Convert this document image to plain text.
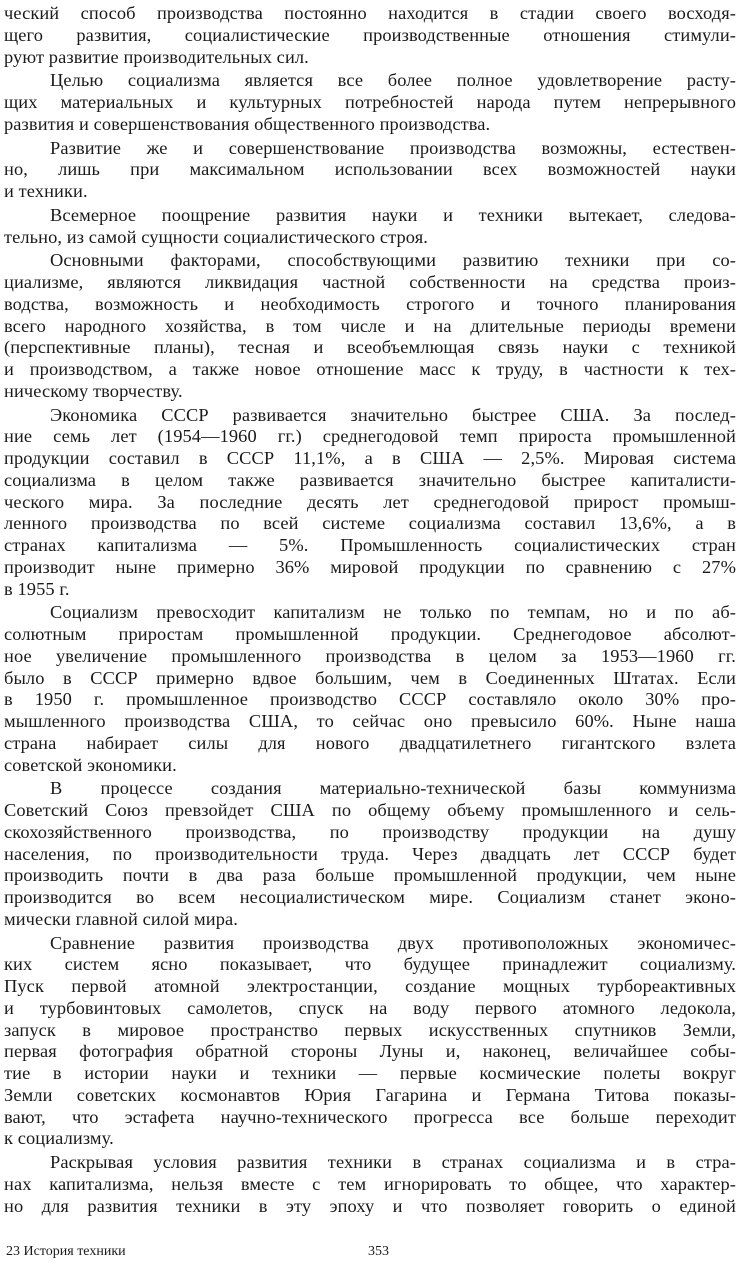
ческий способ производства постоянно находится в стадии своего восходя-
щего развития, социалистические производственные отношения стимули-
руют развитие производительных сил.
Целью социализма является все более полное удовлетворение расту-
щих материальных и культурных потребностей народа путем непрерывного
развития и совершенствования общественного производства.
Развитие же и совершенствование производства возможны, естествен-
но, лишь при максимальном использовании всех возможностей науки
и техники.
Всемерное поощрение развития науки и техники вытекает, следова-
тельно, из самой сущности социалистического строя.
Основными факторами, способствующими развитию техники при со-
циализме, являются ликвидация частной собственности на средства произ-
водства, возможность и необходимость строгого и точного планирования
всего народного хозяйства, в том числе и на длительные периоды времени
(перспективные планы), тесная и всеобъемлющая связь науки с техникой
и производством, а также новое отношение масс к труду, в частности к тех-
ническому творчеству.
Экономика СССР развивается значительно быстрее США. За послед-
ние семь лет (1954—1960 гг.) среднегодовой темп прироста промышленной
продукции составил в СССР 11,1%, а в США — 2,5%. Мировая система
социализма в целом также развивается значительно быстрее капиталисти-
ческого мира. За последние десять лет среднегодовой прирост промыш-
ленного производства по всей системе социализма составил 13,6%, а в
странах капитализма — 5%. Промышленность социалистических стран
производит ныне примерно 36% мировой продукции по сравнению с 27%
в 1955 г.
Социализм превосходит капитализм не только по темпам, но и по аб-
солютным приростам промышленной продукции. Среднегодовое абсолют-
ное увеличение промышленного производства в целом за 1953—1960 гг.
было в СССР примерно вдвое большим, чем в Соединенных Штатах. Если
в 1950 г. промышленное производство СССР составляло около 30% про-
мышленного производства США, то сейчас оно превысило 60%. Ныне наша
страна набирает силы для нового двадцатилетнего гигантского взлета
советской экономики.
В процессе создания материально-технической базы коммунизма
Советский Союз превзойдет США по общему объему промышленного и сель-
скохозяйственного производства, по производству продукции на душу
населения, по производительности труда. Через двадцать лет СССР будет
производить почти в два раза больше промышленной продукции, чем ныне
производится во всем несоциалистическом мире. Социализм станет эконо-
мически главной силой мира.
Сравнение развития производства двух противоположных экономичес-
ких систем ясно показывает, что будущее принадлежит социализму.
Пуск первой атомной электростанции, создание мощных турбореактивных
и турбовинтовых самолетов, спуск на воду первого атомного ледокола,
запуск в мировое пространство первых искусственных спутников Земли,
первая фотография обратной стороны Луны и, наконец, величайшее собы-
тие в истории науки и техники — первые космические полеты вокруг
Земли советских космонавтов Юрия Гагарина и Германа Титова показы-
вают, что эстафета научно-технического прогресса все больше переходит
к социализму.
Раскрывая условия развития техники в странах социализма и в стра-
нах капитализма, нельзя вместе с тем игнорировать то общее, что характер-
но для развития техники в эту эпоху и что позволяет говорить о единой
23 История техники	353
